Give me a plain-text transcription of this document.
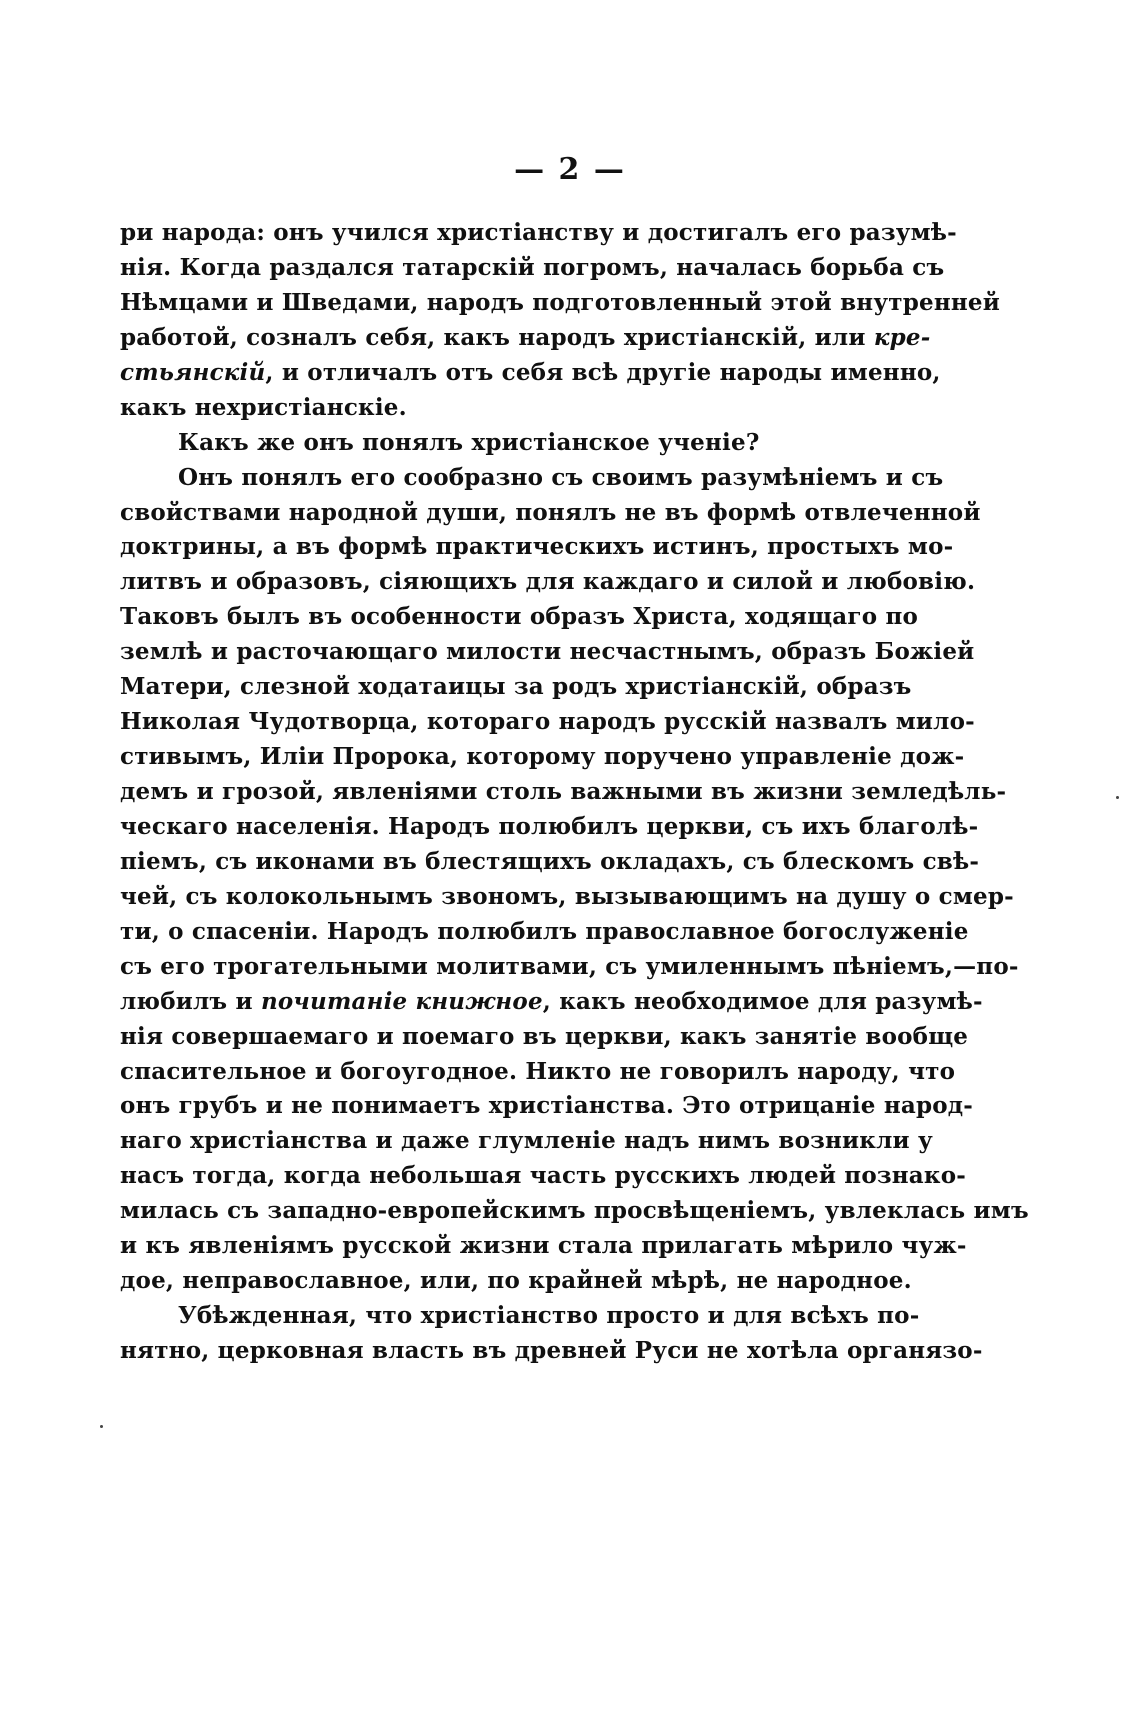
— 2 —
ри народа: онъ учился христіанству и достигалъ его разумѣ-
нія. Когда раздался татарскій погромъ, началась борьба съ
Нѣмцами и Шведами, народъ подготовленный этой внутренней
работой, созналъ себя, какъ народъ христіанскій, или кре-
стьянскій, и отличалъ отъ себя всѣ другіе народы именно,
какъ нехристіанскіе.
Какъ же онъ понялъ христіанское ученіе?
Онъ понялъ его сообразно съ своимъ разумѣніемъ и съ
свойствами народной души, понялъ не въ формѣ отвлеченной
доктрины, а въ формѣ практическихъ истинъ, простыхъ мо-
литвъ и образовъ, сіяющихъ для каждаго и силой и любовію.
Таковъ былъ въ особенности образъ Христа, ходящаго по
землѣ и расточающаго милости несчастнымъ, образъ Божіей
Матери, слезной ходатаицы за родъ христіанскій, образъ
Николая Чудотворца, котораго народъ русскій назвалъ мило-
стивымъ, Иліи Пророка, которому поручено управленіе дож-
демъ и грозой, явленіями столь важными въ жизни земледѣль-
ческаго населенія. Народъ полюбилъ церкви, съ ихъ благолѣ-
піемъ, съ иконами въ блестящихъ окладахъ, съ блескомъ свѣ-
чей, съ колокольнымъ звономъ, вызывающимъ на душу о смер-
ти, о спасеніи. Народъ полюбилъ православное богослуженіе
съ его трогательными молитвами, съ умиленнымъ пѣніемъ,—по-
любилъ и почитаніе книжное, какъ необходимое для разумѣ-
нія совершаемаго и поемаго въ церкви, какъ занятіе вообще
спасительное и богоугодное. Никто не говорилъ народу, что
онъ грубъ и не понимаетъ христіанства. Это отрицаніе народ-
наго христіанства и даже глумленіе надъ нимъ возникли у
насъ тогда, когда небольшая часть русскихъ людей познако-
милась съ западно-европейскимъ просвѣщеніемъ, увлеклась имъ
и къ явленіямъ русской жизни стала прилагать мѣрило чуж-
дое, неправославное, или, по крайней мѣрѣ, не народное.
Убѣжденная, что христіанство просто и для всѣхъ по-
нятно, церковная власть въ древней Руси не хотѣла органязо-
